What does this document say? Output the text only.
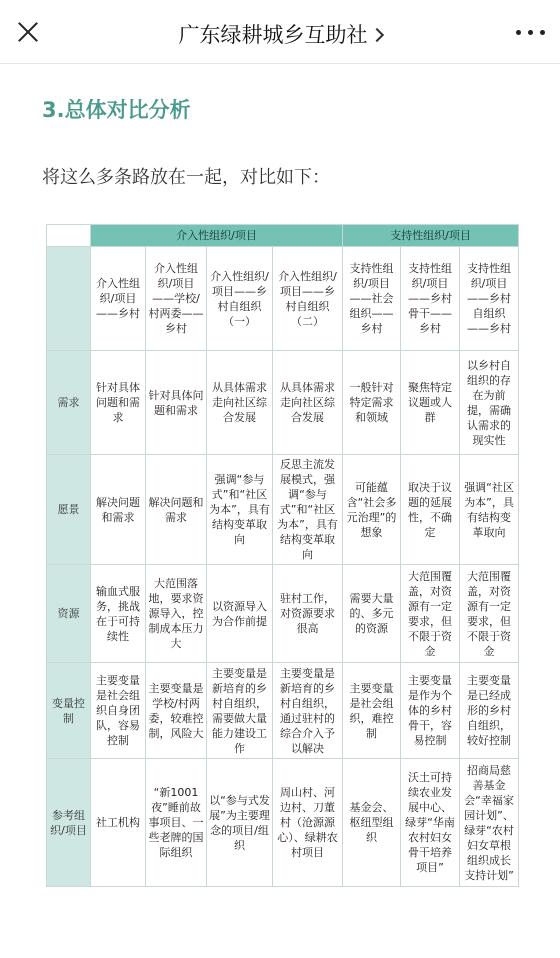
广东绿耕城乡互助社
3.总体对比分析
将这么多条路放在一起，对比如下：
	介入性组织/项目				支持性组织/项目		
	介入性组织/项目——乡村	介入性组织/项目——学校/村两委——乡村	介入性组织/项目——乡村自组织（一）	介入性组织/项目——乡村自组织（二）	支持性组织/项目——社会组织——乡村	支持性组织/项目——乡村骨干——乡村	支持性组织/项目——乡村自组织——乡村
需求	针对具体问题和需求	针对具体问题和需求	从具体需求走向社区综合发展	从具体需求走向社区综合发展	一般针对特定需求和领域	聚焦特定议题或人群	以乡村自组织的存在为前提，需确认需求的现实性
愿景	解决问题和需求	解决问题和需求	强调“参与式”和“社区为本”，具有结构变革取向	反思主流发展模式，强调“参与式”和“社区为本”，具有结构变革取向	可能蕴含“社会多元治理”的想象	取决于议题的延展性，不确定	强调“社区为本”，具有结构变革取向
资源	输血式服务，挑战在于可持续性	大范围落地，要求资源导入，控制成本压力大	以资源导入为合作前提	驻村工作，对资源要求很高	需要大量的、多元的资源	大范围覆盖，对资源有一定要求，但不限于资金	大范围覆盖，对资源有一定要求，但不限于资金
变量控制	主要变量是社会组织自身团队，容易控制	主要变量是学校/村两委，较难控制，风险大	主要变量是新培育的乡村自组织，需要做大量能力建设工作	主要变量是新培育的乡村自组织，通过驻村的综合介入予以解决	主要变量是社会组织，难控制	主要变量是作为个体的乡村骨干，容易控制	主要变量是已经成形的乡村自组织，较好控制
参考组织/项目	社工机构	“新1001夜”睡前故事项目、一些老牌的国际组织	以“参与式发展”为主要理念的项目/组织	周山村、河边村、刀董村（沧源源心）、绿耕农村项目	基金会、枢纽型组织	沃土可持续农业发展中心、绿芽“华南农村妇女骨干培养项目”	招商局慈善基金会“幸福家园计划”、绿芽“农村妇女草根组织成长支持计划”
